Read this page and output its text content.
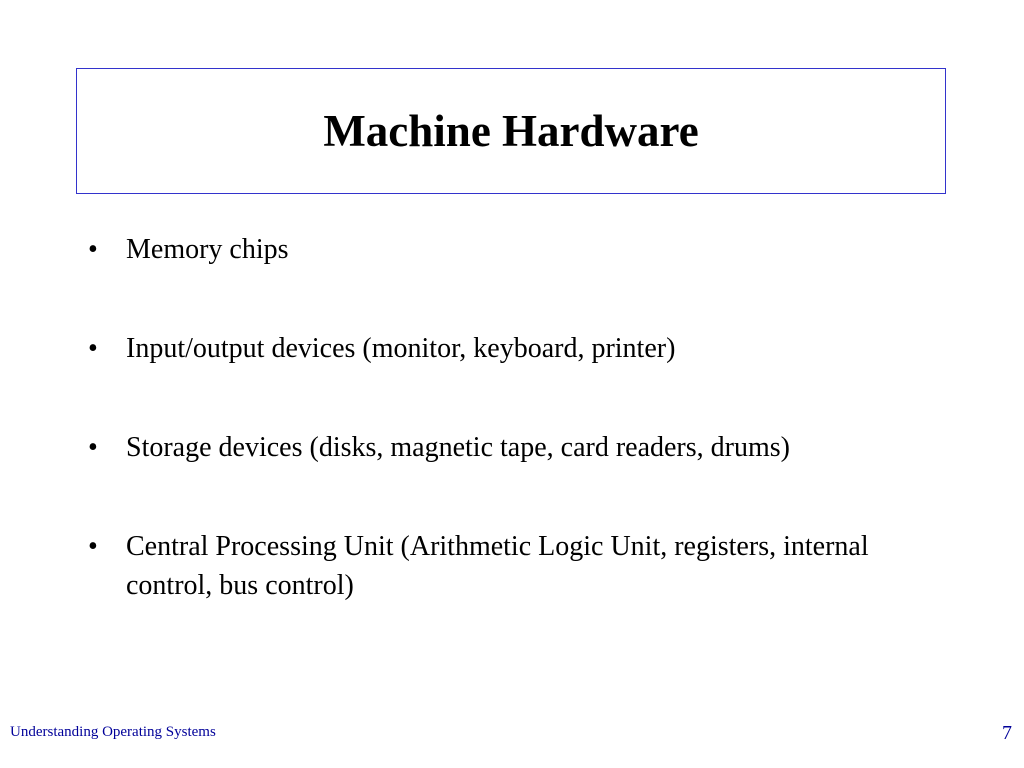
Machine Hardware
• Memory chips
• Input/output devices (monitor, keyboard, printer)
• Storage devices (disks, magnetic tape, card readers, drums)
• Central Processing Unit (Arithmetic Logic Unit, registers, internal control, bus control)
Understanding Operating Systems	7
